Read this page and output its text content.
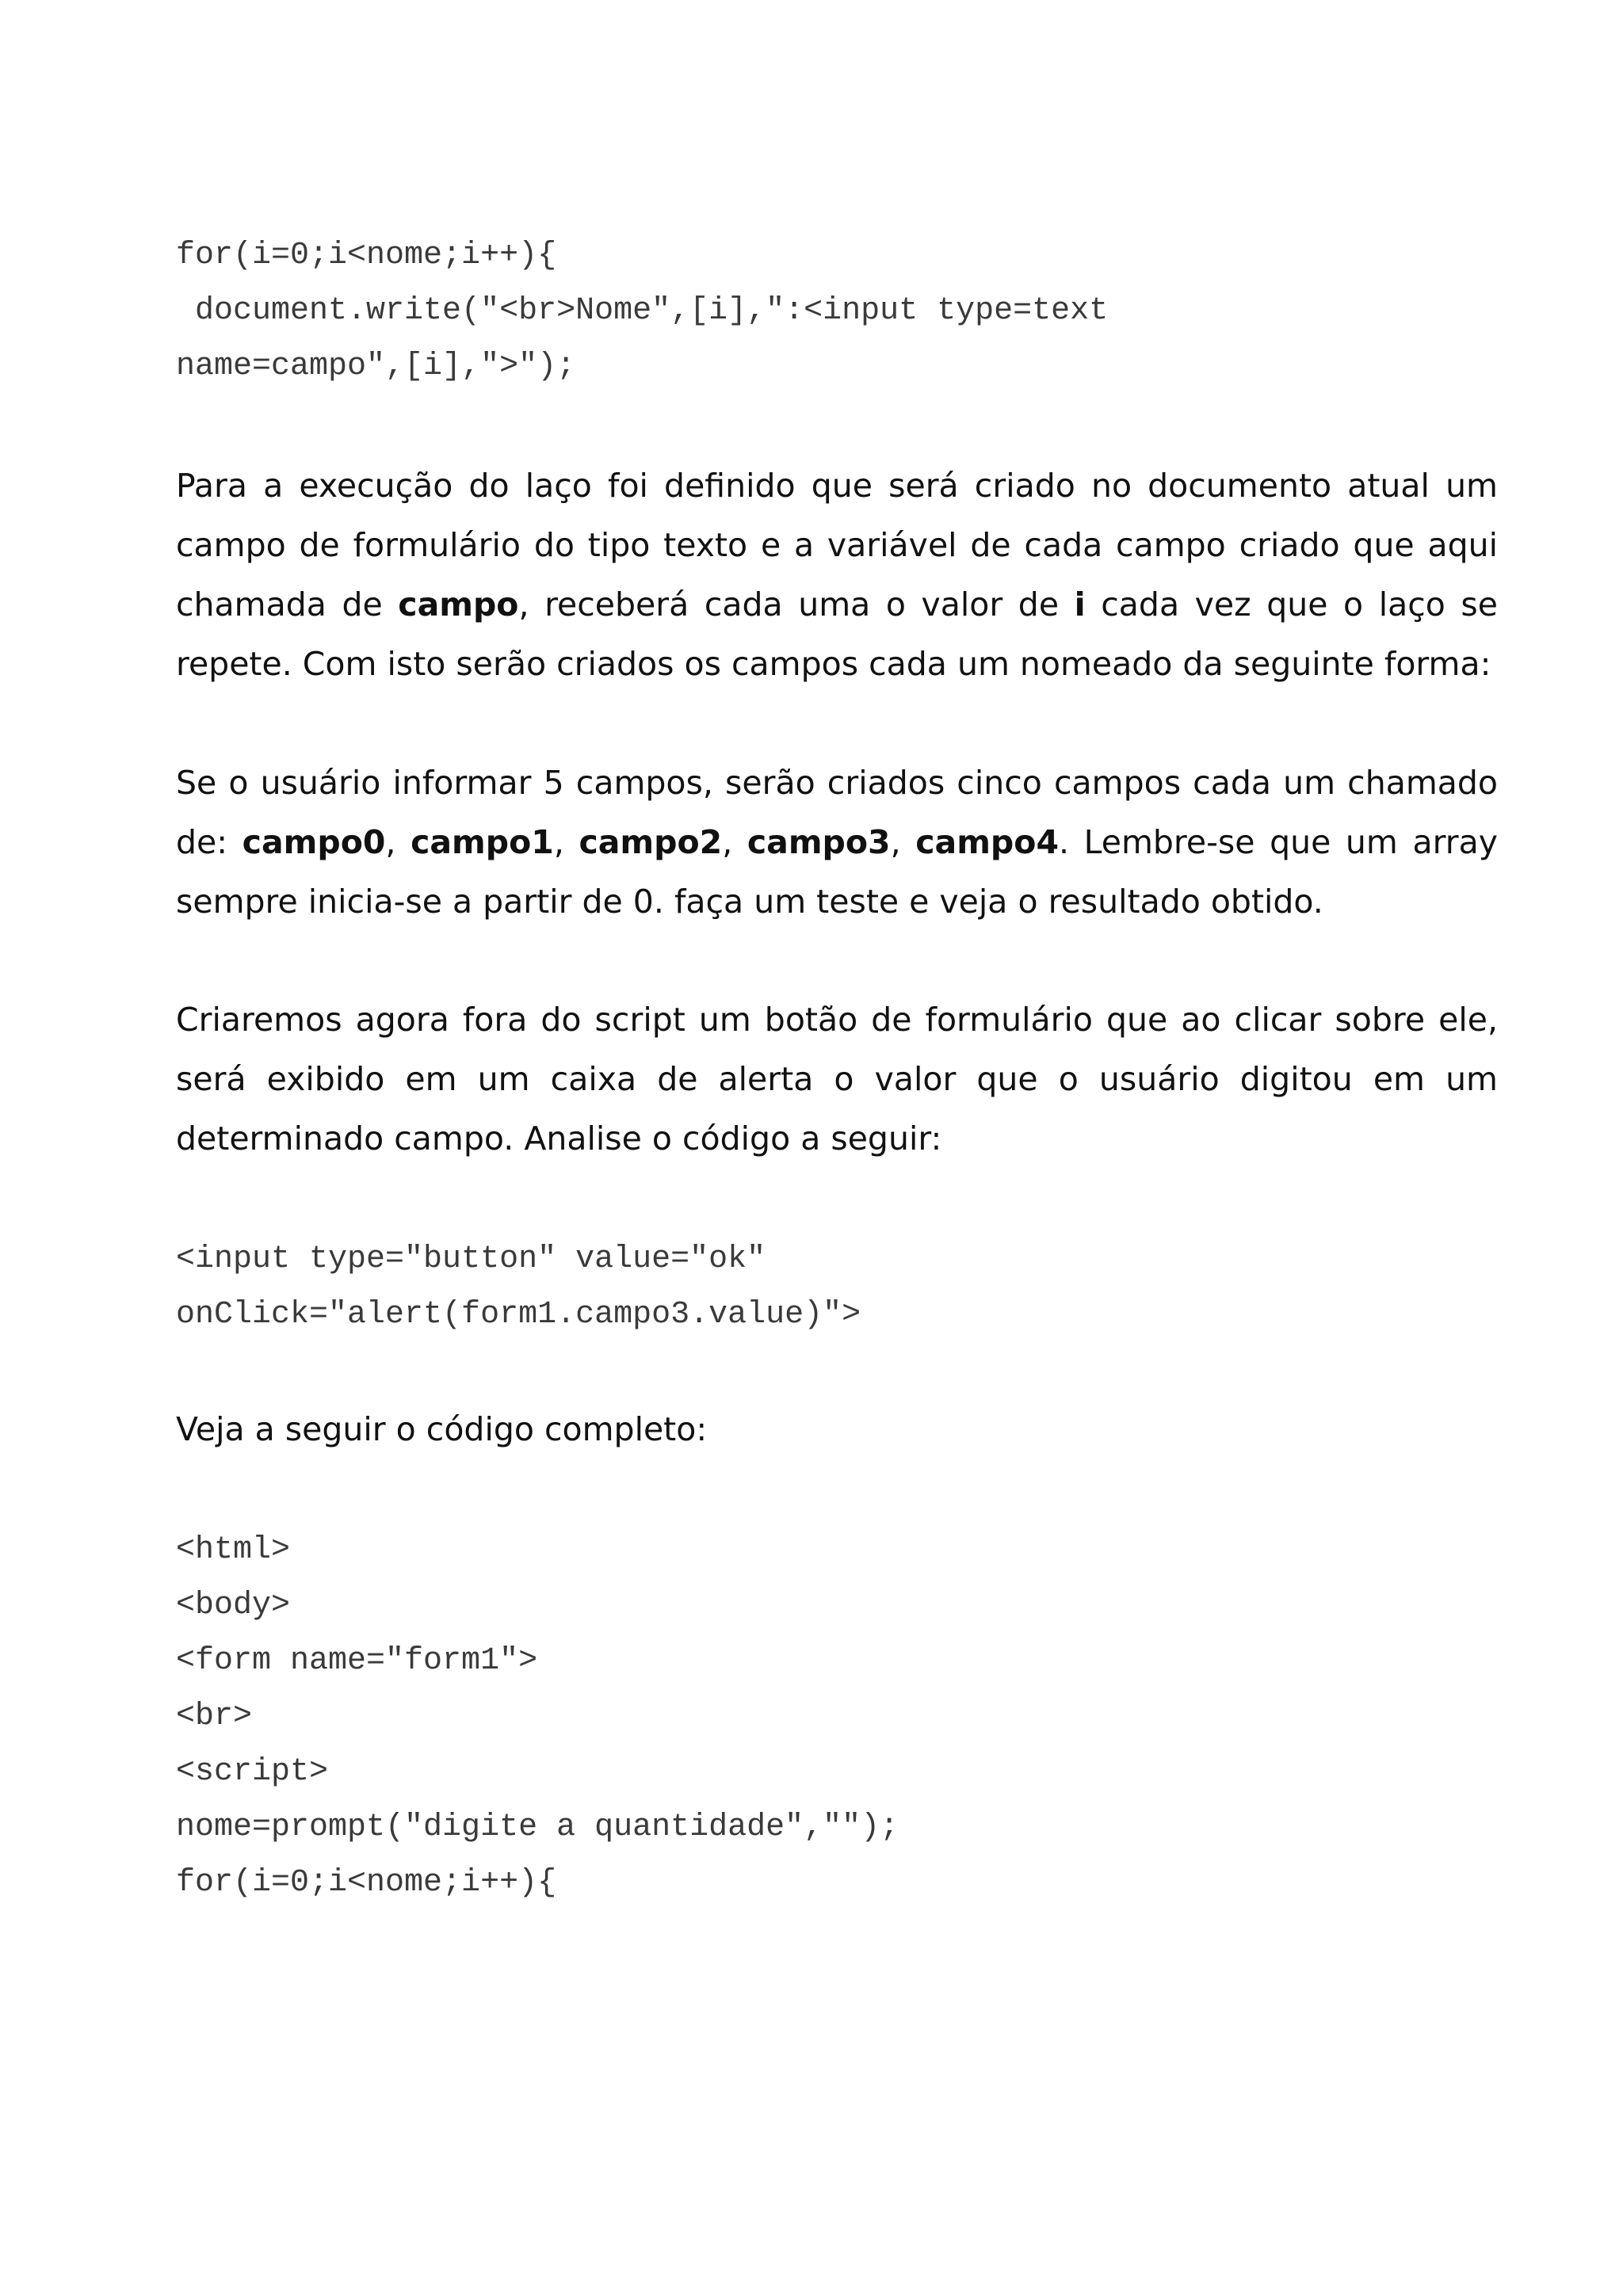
for(i=0;i<nome;i++){
document.write("<br>Nome",[i],":<input type=text
name=campo",[i],">");

Para a execução do laço foi definido que será criado no documento atual um campo de formulário do tipo texto e a variável de cada campo criado que aqui chamada de campo, receberá cada uma o valor de i cada vez que o laço se repete. Com isto serão criados os campos cada um nomeado da seguinte forma:

Se o usuário informar 5 campos, serão criados cinco campos cada um chamado de: campo0, campo1, campo2, campo3, campo4. Lembre-se que um array sempre inicia-se a partir de 0. faça um teste e veja o resultado obtido.

Criaremos agora fora do script um botão de formulário que ao clicar sobre ele, será exibido em um caixa de alerta o valor que o usuário digitou em um determinado campo. Analise o código a seguir:

<input type="button" value="ok"
onClick="alert(form1.campo3.value)">

Veja a seguir o código completo:

<html>
<body>
<form name="form1">
<br>
<script>
nome=prompt("digite a quantidade","");
for(i=0;i<nome;i++){
